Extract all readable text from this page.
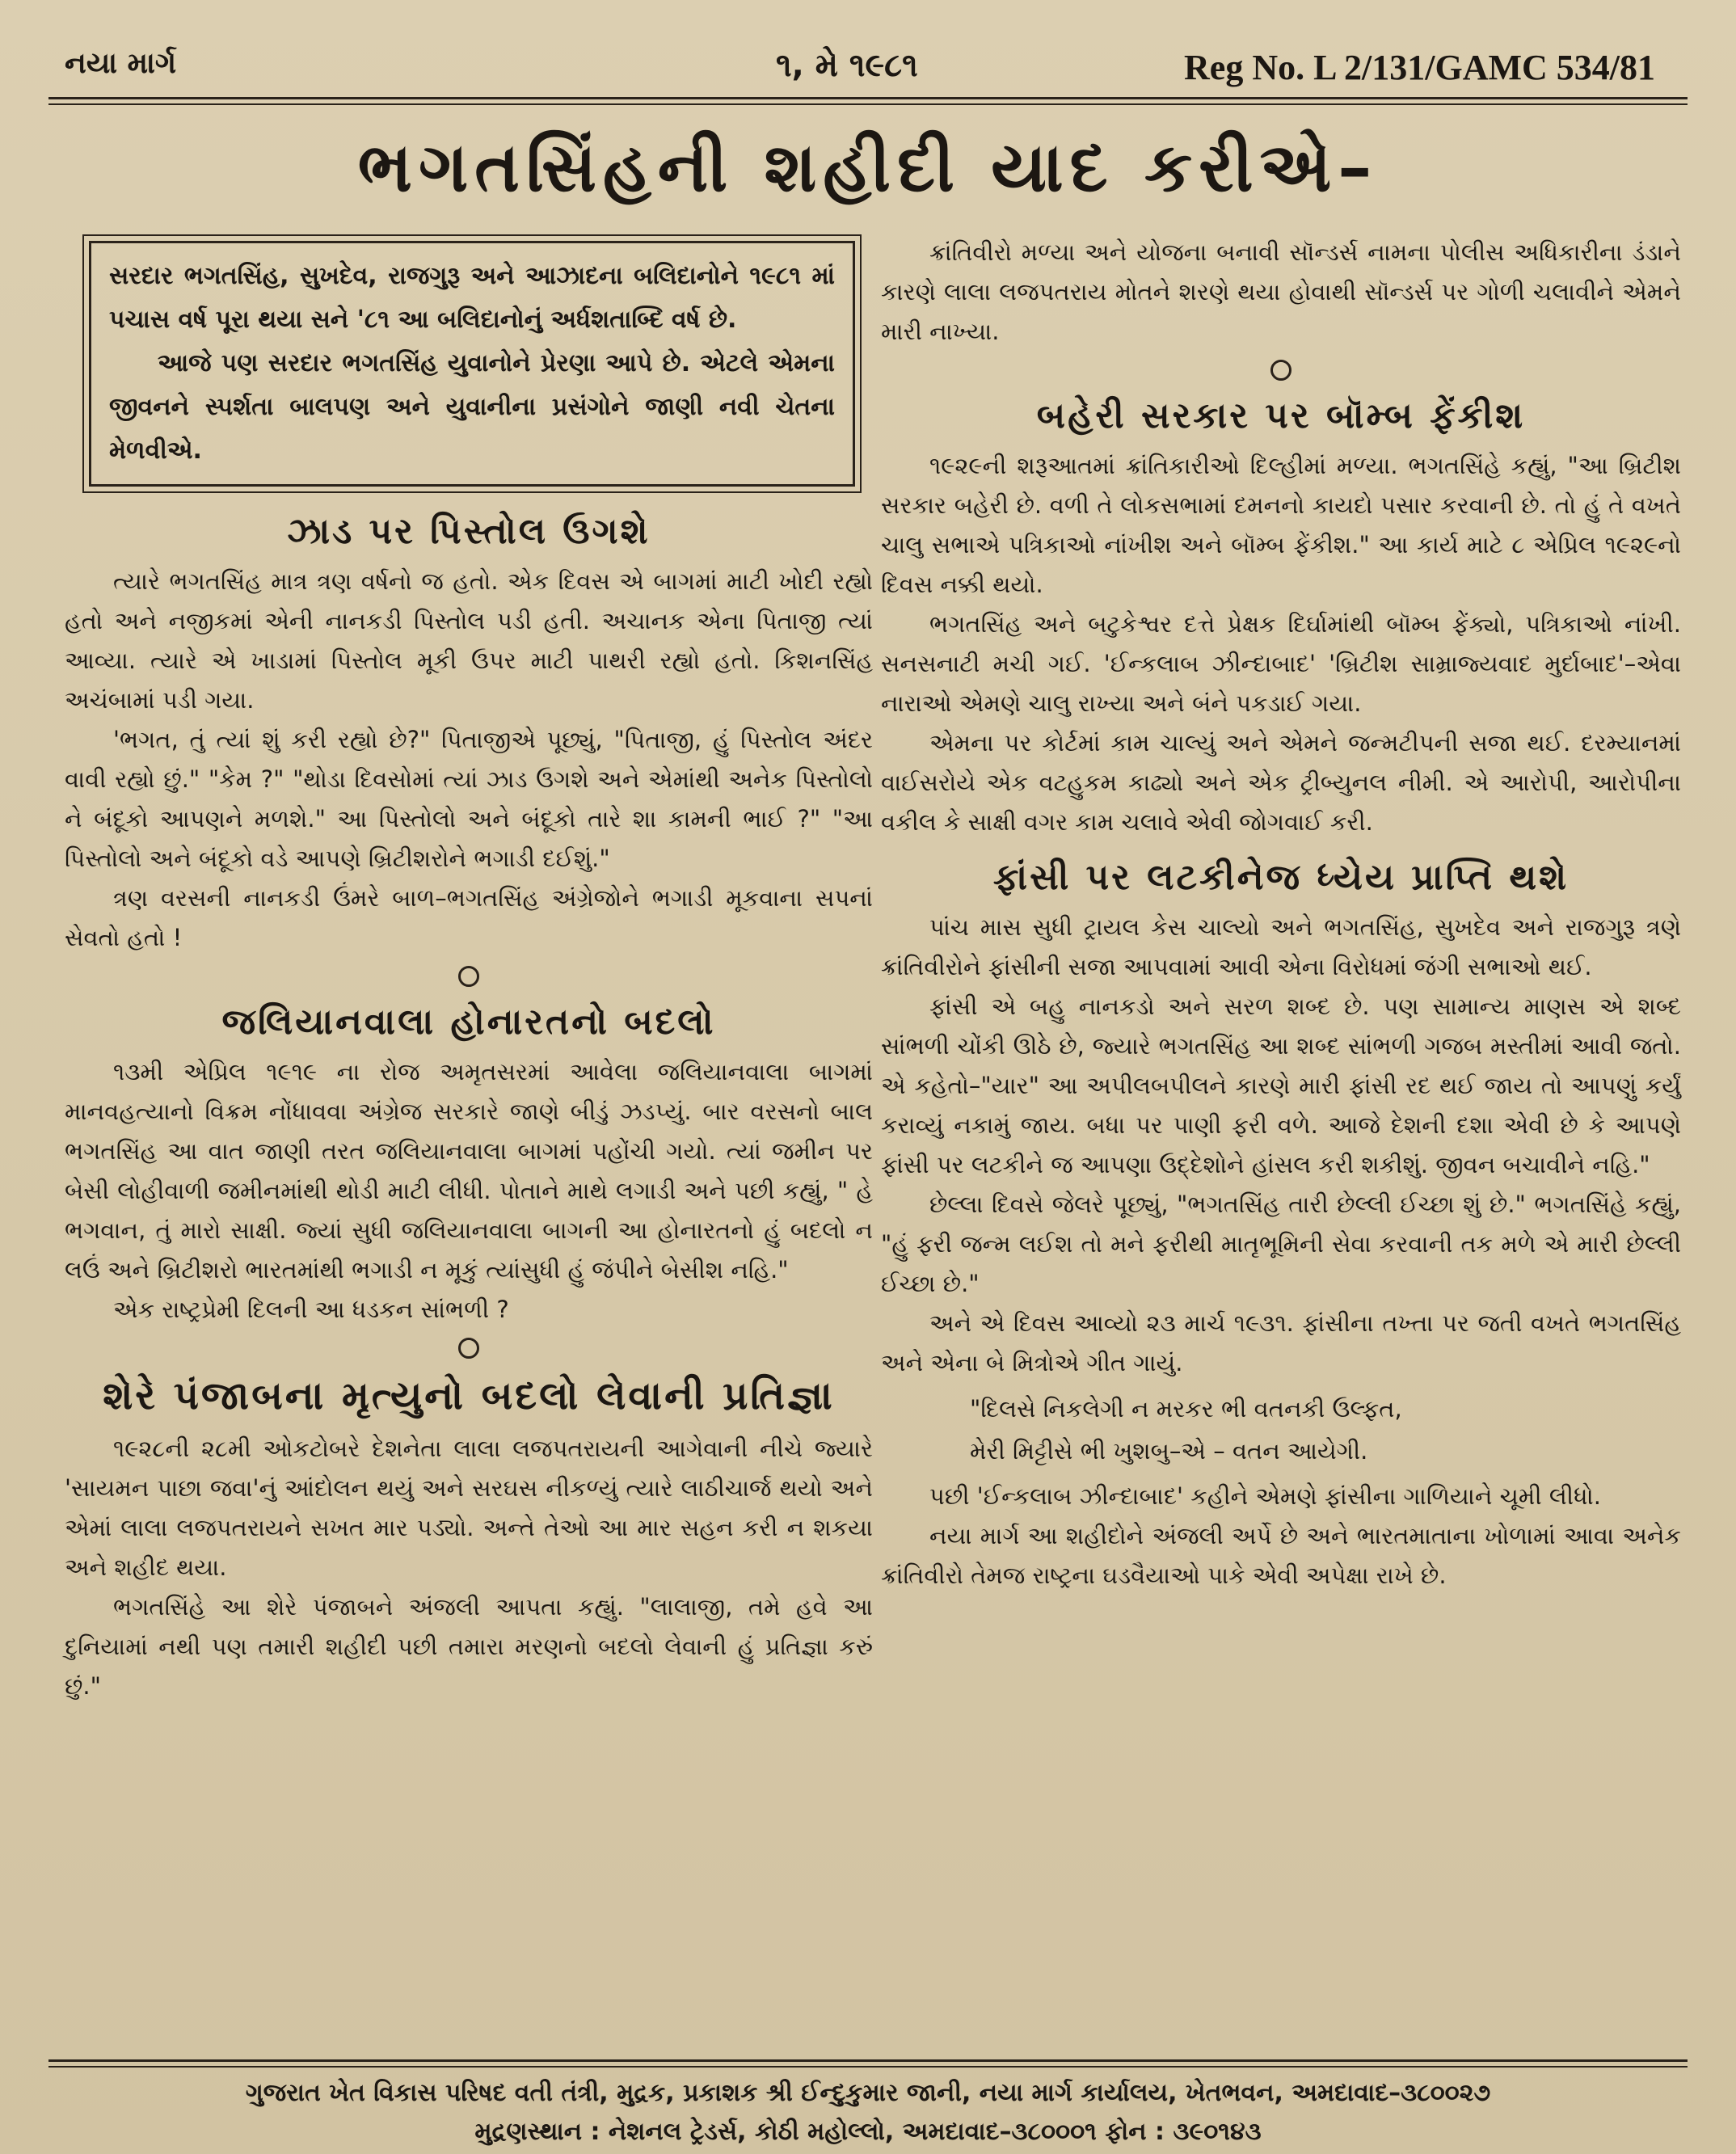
નયા માર્ગ	૧, મે ૧૯૮૧	Reg No. L 2/131/GAMC 534/81
ભગતસિંહની શહીદી યાદ કરીએ–

સરદાર ભગતસિંહ, સુખદેવ, રાજગુરૂ અને આઝાદના બલિદાનોને ૧૯૮૧ માં પચાસ વર્ષ પૂરા થયા સને '૮૧ આ બલિદાનોનું અર્ધશતાબ્દિ વર્ષ છે.

આજે પણ સરદાર ભગતસિંહ યુવાનોને પ્રેરણા આપે છે. એટલે એમના જીવનને સ્પર્શતા બાલપણ અને યુવાનીના પ્રસંગોને જાણી નવી ચેતના મેળવીએ.

ઝાડ પર પિસ્તોલ ઉગશે

ત્યારે ભગતસિંહ માત્ર ત્રણ વર્ષનો જ હતો. એક દિવસ એ બાગમાં માટી ખોદી રહ્યો હતો અને નજીકમાં એની નાનકડી પિસ્તોલ પડી હતી. અચાનક એના પિતાજી ત્યાં આવ્યા. ત્યારે એ ખાડામાં પિસ્તોલ મૂકી ઉપર માટી પાથરી રહ્યો હતો. કિશનસિંહ અચંબામાં પડી ગયા.

'ભગત, તું ત્યાં શું કરી રહ્યો છે?" પિતાજીએ પૂછ્યું, "પિતાજી, હું પિસ્તોલ અંદર વાવી રહ્યો છું." "કેમ ?" "થોડા દિવસોમાં ત્યાં ઝાડ ઉગશે અને એમાંથી અનેક પિસ્તોલો ને બંદૂકો આપણને મળશે." આ પિસ્તોલો અને બંદૂકો તારે શા કામની ભાઈ ?" "આ પિસ્તોલો અને બંદૂકો વડે આપણે બ્રિટીશરોને ભગાડી દઈશું."

ત્રણ વરસની નાનકડી ઉંમરે બાળ–ભગતસિંહ અંગ્રેજોને ભગાડી મૂકવાના સપનાં સેવતો હતો !

જલિયાનવાલા હોનારતનો બદલો

૧૩મી એપ્રિલ ૧૯૧૯ ના રોજ અમૃતસરમાં આવેલા જલિયાનવાલા બાગમાં માનવહત્યાનો વિક્રમ નોંધાવવા અંગ્રેજ સરકારે જાણે બીડું ઝડપ્યું. બાર વરસનો બાલ ભગતસિંહ આ વાત જાણી તરત જલિયાનવાલા બાગમાં પહોંચી ગયો. ત્યાં જમીન પર બેસી લોહીવાળી જમીનમાંથી થોડી માટી લીધી. પોતાને માથે લગાડી અને પછી કહ્યું, " હે ભગવાન, તું મારો સાક્ષી. જ્યાં સુધી જલિયાનવાલા બાગની આ હોનારતનો હું બદલો ન લઉં અને બ્રિટીશરો ભારતમાંથી ભગાડી ન મૂકું ત્યાંસુધી હું જંપીને બેસીશ નહિ."

એક રાષ્ટ્રપ્રેમી દિલની આ ધડકન સાંભળી ?

શેરે પંજાબના મૃત્યુનો બદલો લેવાની પ્રતિજ્ઞા

૧૯૨૮ની ૨૮મી ઓકટોબરે દેશનેતા લાલા લજપતરાયની આગેવાની નીચે જ્યારે 'સાયમન પાછા જવા'નું આંદોલન થયું અને સરઘસ નીકળ્યું ત્યારે લાઠીચાર્જ થયો અને એમાં લાલા લજપતરાયને સખત માર પડ્યો. અન્તે તેઓ આ માર સહન કરી ન શકયા અને શહીદ થયા.

ભગતસિંહે આ શેરે પંજાબને અંજલી આપતા કહ્યું. "લાલાજી, તમે હવે આ દુનિયામાં નથી પણ તમારી શહીદી પછી તમારા મરણનો બદલો લેવાની હું પ્રતિજ્ઞા કરું છું."

ક્રાંતિવીરો મળ્યા અને યોજના બનાવી સૉન્ડર્સ નામના પોલીસ અધિકારીના ડંડાને કારણે લાલા લજપતરાય મોતને શરણે થયા હોવાથી સૉન્ડર્સ પર ગોળી ચલાવીને એમને મારી નાખ્યા.

બહેરી સરકાર પર બૉમ્બ ફેંકીશ

૧૯૨૯ની શરૂઆતમાં ક્રાંતિકારીઓ દિલ્હીમાં મળ્યા. ભગતસિંહે કહ્યું, "આ બ્રિટીશ સરકાર બહેરી છે. વળી તે લોકસભામાં દમનનો કાયદો પસાર કરવાની છે. તો હું તે વખતે ચાલુ સભાએ પત્રિકાઓ નાંખીશ અને બૉમ્બ ફેંકીશ." આ કાર્ય માટે ૮ એપ્રિલ ૧૯૨૯નો દિવસ નક્કી થયો.

ભગતસિંહ અને બટુકેશ્વર દત્તે પ્રેક્ષક દિર્ઘામાંથી બૉમ્બ ફેંક્યો, પત્રિકાઓ નાંખી. સનસનાટી મચી ગઈ. 'ઈન્કલાબ ઝીન્દાબાદ' 'બ્રિટીશ સામ્રાજ્યવાદ મુર્દાબાદ'–એવા નારાઓ એમણે ચાલુ રાખ્યા અને બંને પકડાઈ ગયા.

એમના પર કોર્ટમાં કામ ચાલ્યું અને એમને જન્મટીપની સજા થઈ. દરમ્યાનમાં વાઈસરોયે એક વટહુકમ કાઢ્યો અને એક ટ્રીબ્યુનલ નીમી. એ આરોપી, આરોપીના વકીલ કે સાક્ષી વગર કામ ચલાવે એવી જોગવાઈ કરી.

ફાંસી પર લટકીનેજ ધ્યેય પ્રાપ્તિ થશે

પાંચ માસ સુધી ટ્રાયલ કેસ ચાલ્યો અને ભગતસિંહ, સુખદેવ અને રાજગુરૂ ત્રણે ક્રાંતિવીરોને ફાંસીની સજા આપવામાં આવી એના વિરોધમાં જંગી સભાઓ થઈ.

ફાંસી એ બહુ નાનકડો અને સરળ શબ્દ છે. પણ સામાન્ય માણસ એ શબ્દ સાંભળી ચોંકી ઊઠે છે, જ્યારે ભગતસિંહ આ શબ્દ સાંભળી ગજબ મસ્તીમાં આવી જતો. એ કહેતો–"યાર" આ અપીલબપીલને કારણે મારી ફાંસી રદ થઈ જાય તો આપણું કર્યું કરાવ્યું નકામું જાય. બધા પર પાણી ફરી વળે. આજે દેશની દશા એવી છે કે આપણે ફાંસી પર લટકીને જ આપણા ઉદ્દેશોને હાંસલ કરી શકીશું. જીવન બચાવીને નહિ."

છેલ્લા દિવસે જેલરે પૂછ્યું, "ભગતસિંહ તારી છેલ્લી ઈચ્છા શું છે." ભગતસિંહે કહ્યું, "હું ફરી જન્મ લઈશ તો મને ફરીથી માતૃભૂમિની સેવા કરવાની તક મળે એ મારી છેલ્લી ઈચ્છા છે."

અને એ દિવસ આવ્યો ૨૩ માર્ચ ૧૯૩૧. ફાંસીના તખ્તા પર જતી વખતે ભગતસિંહ અને એના બે મિત્રોએ ગીત ગાયું.

"દિલસે નિકલેગી ન મરકર ભી વતનકી ઉલ્ફત,
મેરી મિટ્ટીસે ભી ખુશબુ–એ – વતન આયેગી.

પછી 'ઈન્કલાબ ઝીન્દાબાદ' કહીને એમણે ફાંસીના ગાળિયાને ચૂમી લીધો.

નયા માર્ગ આ શહીદોને અંજલી અર્પે છે અને ભારતમાતાના ખોળામાં આવા અનેક ક્રાંતિવીરો તેમજ રાષ્ટ્રના ઘડવૈયાઓ પાકે એવી અપેક્ષા રાખે છે.

ગુજરાત ખેત વિકાસ પરિષદ વતી તંત્રી, મુદ્રક, પ્રકાશક શ્રી ઈન્દુકુમાર જાની, નયા માર્ગ કાર્યાલય, ખેતભવન, અમદાવાદ–૩૮૦૦૨૭
મુદ્રણસ્થાન : નેશનલ ટ્રેડર્સ, કોઠી મહોલ્લો, અમદાવાદ–૩૮૦૦૦૧ ફોન : ૩૯૦૧૪૩
